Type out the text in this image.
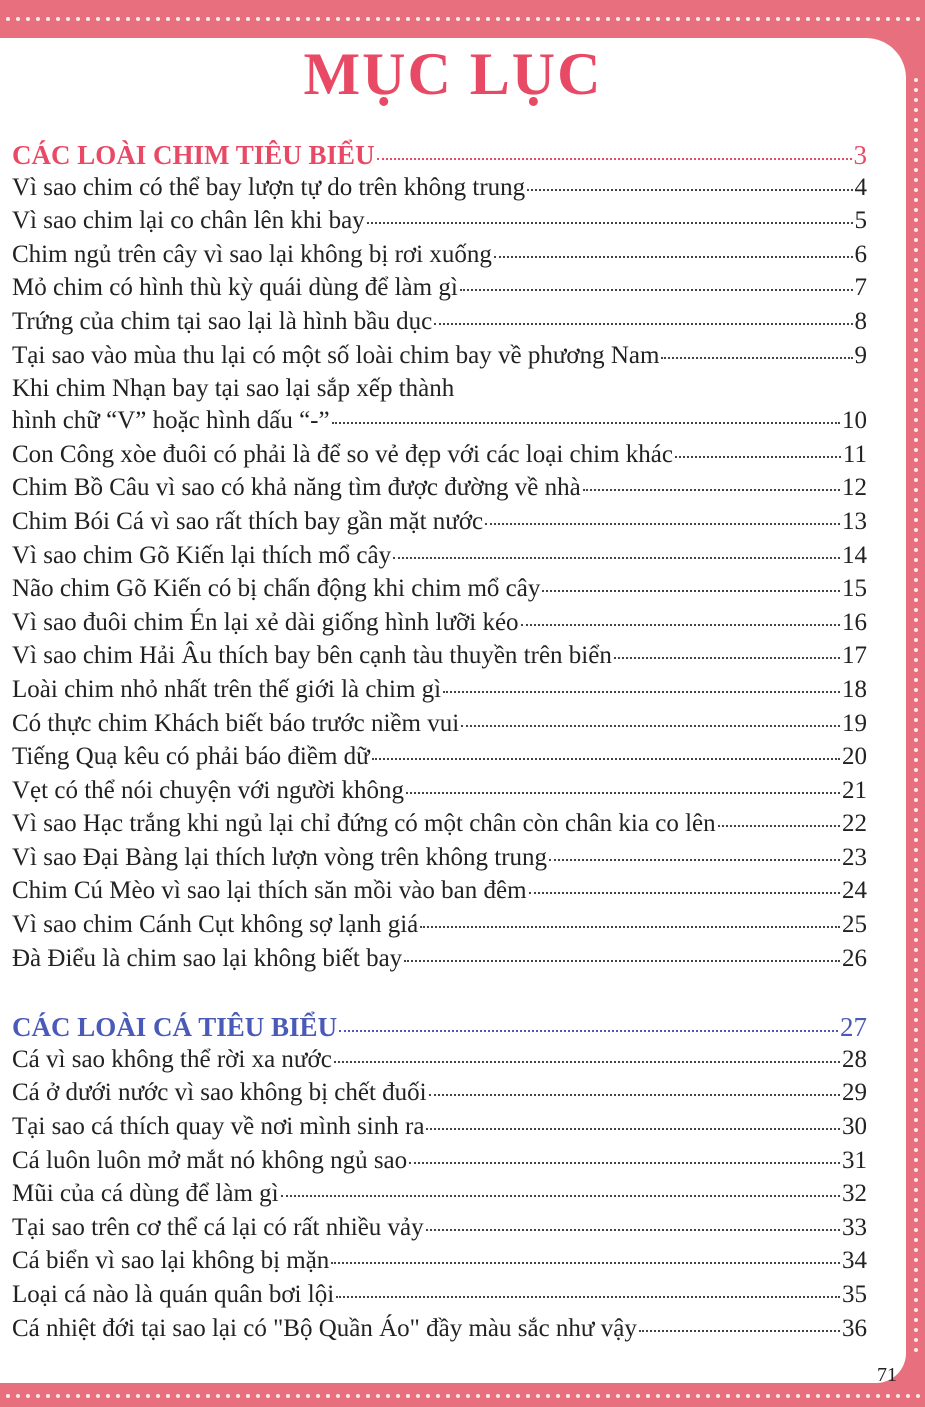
MỤC LỤC
CÁC LOÀI CHIM TIÊU BIỂU	3
Vì sao chim có thể bay lượn tự do trên không trung	4
Vì sao chim lại co chân lên khi bay	5
Chim ngủ trên cây vì sao lại không bị rơi xuống	6
Mỏ chim có hình thù kỳ quái dùng để làm gì	7
Trứng của chim tại sao lại là hình bầu dục	8
Tại sao vào mùa thu lại có một số loài chim bay về phương Nam	9
Khi chim Nhạn bay tại sao lại sắp xếp thành
hình chữ “V” hoặc hình dấu “-”	10
Con Công xòe đuôi có phải là để so vẻ đẹp với các loại chim khác	11
Chim Bồ Câu vì sao có khả năng tìm được đường về nhà	12
Chim Bói Cá vì sao rất thích bay gần mặt nước	13
Vì sao chim Gõ Kiến lại thích mổ cây	14
Não chim Gõ Kiến có bị chấn động khi chim mổ cây	15
Vì sao đuôi chim Én lại xẻ dài giống hình lưỡi kéo	16
Vì sao chim Hải Âu thích bay bên cạnh tàu thuyền trên biển	17
Loài chim nhỏ nhất trên thế giới là chim gì	18
Có thực chim Khách biết báo trước niềm vui	19
Tiếng Quạ kêu có phải báo điềm dữ	20
Vẹt có thể nói chuyện với người không	21
Vì sao Hạc trắng khi ngủ lại chỉ đứng có một chân còn chân kia co lên	22
Vì sao Đại Bàng lại thích lượn vòng trên không trung	23
Chim Cú Mèo vì sao lại thích săn mồi vào ban đêm	24
Vì sao chim Cánh Cụt không sợ lạnh giá	25
Đà Điểu là chim sao lại không biết bay	26
CÁC LOÀI CÁ TIÊU BIỂU	27
Cá vì sao không thể rời xa nước	28
Cá ở dưới nước vì sao không bị chết đuối	29
Tại sao cá thích quay về nơi mình sinh ra	30
Cá luôn luôn mở mắt nó không ngủ sao	31
Mũi của cá dùng để làm gì	32
Tại sao trên cơ thể cá lại có rất nhiều vảy	33
Cá biển vì sao lại không bị mặn	34
Loại cá nào là quán quân bơi lội	35
Cá nhiệt đới tại sao lại có "Bộ Quần Áo" đầy màu sắc như vậy	36
71
